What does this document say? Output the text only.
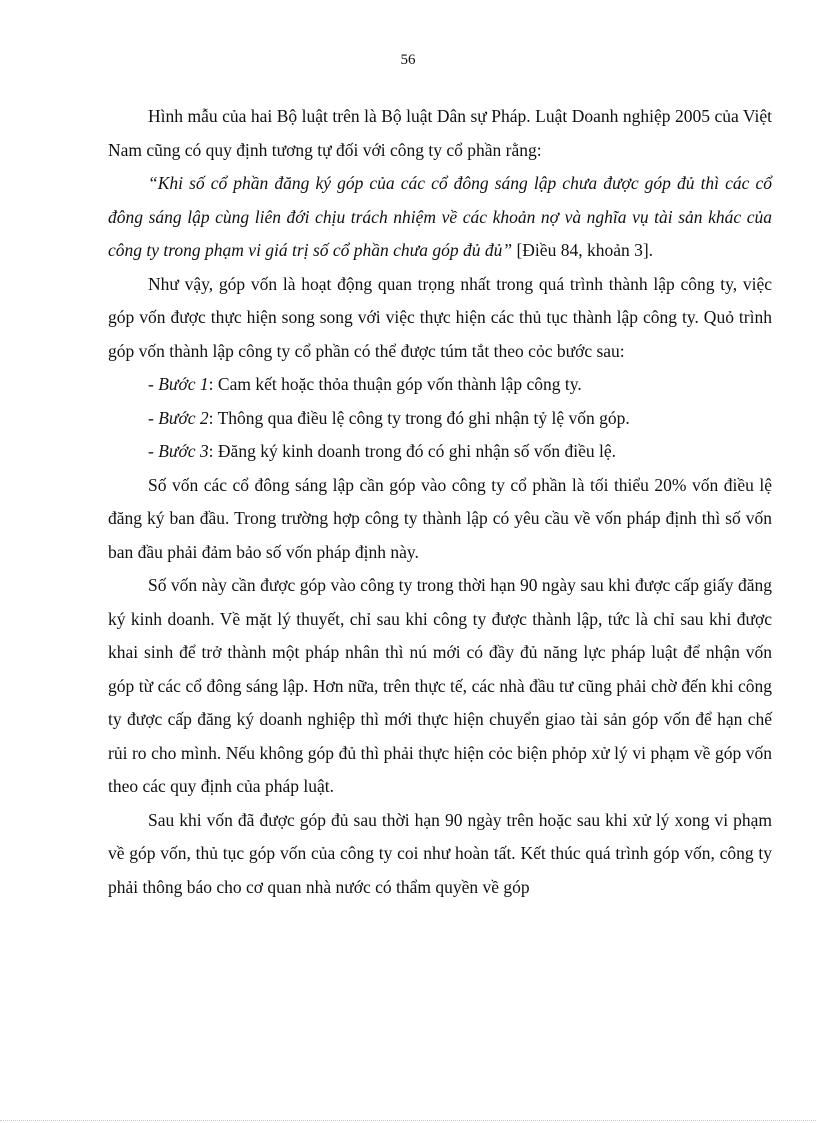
56

Hình mẫu của hai Bộ luật trên là Bộ luật Dân sự Pháp. Luật Doanh nghiệp 2005 của Việt Nam cũng có quy định tương tự đối với công ty cổ phần rằng:

“Khi số cổ phần đăng ký góp của các cổ đông sáng lập chưa được góp đủ thì các cổ đông sáng lập cùng liên đới chịu trách nhiệm về các khoản nợ và nghĩa vụ tài sản khác của công ty trong phạm vi giá trị số cổ phần chưa góp đủ đủ” [Điều 84, khoản 3].

Như vậy, góp vốn là hoạt động quan trọng nhất trong quá trình thành lập công ty, việc góp vốn được thực hiện song song với việc thực hiện các thủ tục thành lập công ty. Quỏ trình góp vốn thành lập công ty cổ phần có thể được túm tắt theo cỏc bước sau:

- Bước 1: Cam kết hoặc thỏa thuận góp vốn thành lập công ty.

- Bước 2: Thông qua điều lệ công ty trong đó ghi nhận tỷ lệ vốn góp.

- Bước 3: Đăng ký kinh doanh trong đó có ghi nhận số vốn điều lệ.

Số vốn các cổ đông sáng lập cần góp vào công ty cổ phần là tối thiểu 20% vốn điều lệ đăng ký ban đầu. Trong trường hợp công ty thành lập có yêu cầu về vốn pháp định thì số vốn ban đầu phải đảm bảo số vốn pháp định này.

Số vốn này cần được góp vào công ty trong thời hạn 90 ngày sau khi được cấp giấy đăng ký kinh doanh. Về mặt lý thuyết, chỉ sau khi công ty được thành lập, tức là chỉ sau khi được khai sinh để trở thành một pháp nhân thì nú mới có đầy đủ năng lực pháp luật để nhận vốn góp từ các cổ đông sáng lập. Hơn nữa, trên thực tế, các nhà đầu tư cũng phải chờ đến khi công ty được cấp đăng ký doanh nghiệp thì mới thực hiện chuyển giao tài sản góp vốn để hạn chế rủi ro cho mình. Nếu không góp đủ thì phải thực hiện cỏc biện phỏp xử lý vi phạm về góp vốn theo các quy định của pháp luật.

Sau khi vốn đã được góp đủ sau thời hạn 90 ngày trên hoặc sau khi xử lý xong vi phạm về góp vốn, thủ tục góp vốn của công ty coi như hoàn tất. Kết thúc quá trình góp vốn, công ty phải thông báo cho cơ quan nhà nước có thẩm quyền về góp
